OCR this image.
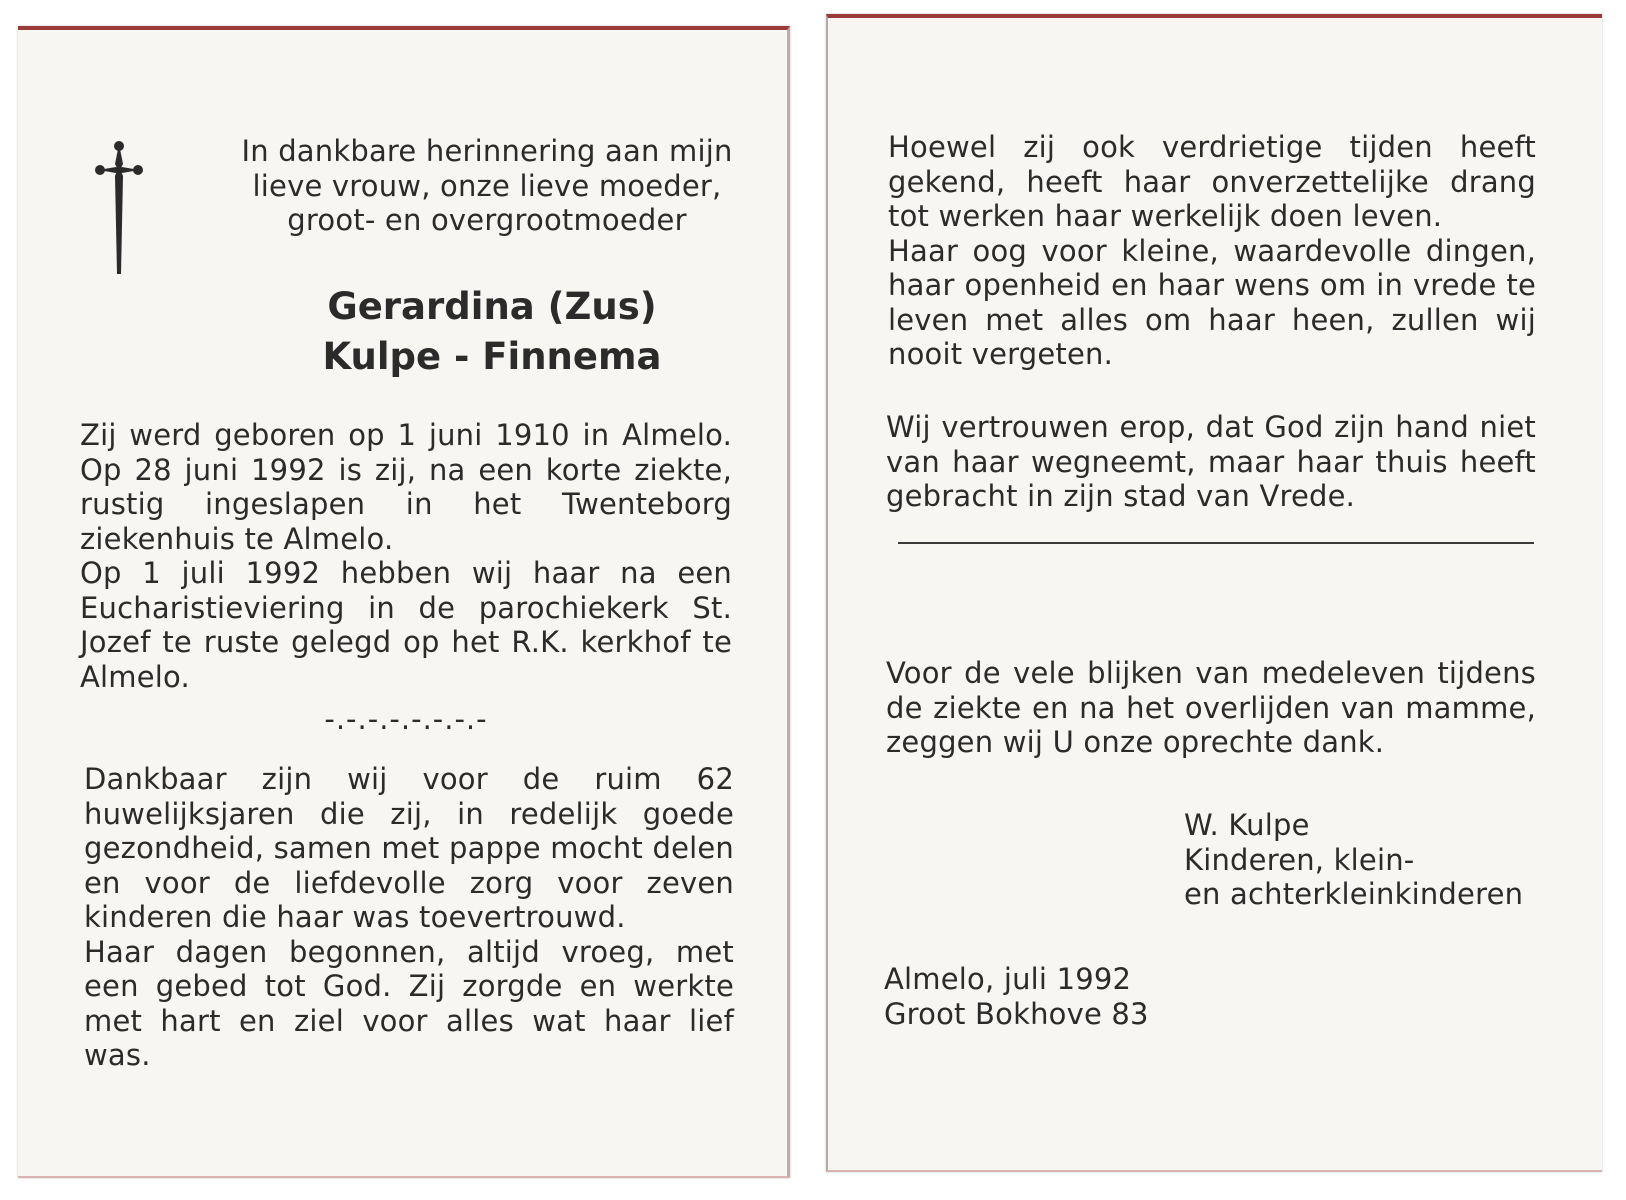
In dankbare herinnering aan mijn lieve vrouw, onze lieve moeder, groot- en overgrootmoeder
Gerardina (Zus)
Kulpe - Finnema
Zij werd geboren op 1 juni 1910 in Almelo. Op 28 juni 1992 is zij, na een korte ziekte, rustig ingeslapen in het Twenteborg ziekenhuis te Almelo.
Op 1 juli 1992 hebben wij haar na een Eucharistieviering in de parochiekerk St. Jozef te ruste gelegd op het R.K. kerkhof te Almelo.
-.-.-.-.-.-.-.-
Dankbaar zijn wij voor de ruim 62 huwelijksjaren die zij, in redelijk goede gezondheid, samen met pappe mocht delen en voor de liefdevolle zorg voor zeven kinderen die haar was toevertrouwd.
Haar dagen begonnen, altijd vroeg, met een gebed tot God. Zij zorgde en werkte met hart en ziel voor alles wat haar lief was.
Hoewel zij ook verdrietige tijden heeft gekend, heeft haar onverzettelijke drang tot werken haar werkelijk doen leven.
Haar oog voor kleine, waardevolle dingen, haar openheid en haar wens om in vrede te leven met alles om haar heen, zullen wij nooit vergeten.
Wij vertrouwen erop, dat God zijn hand niet van haar wegneemt, maar haar thuis heeft gebracht in zijn stad van Vrede.
Voor de vele blijken van medeleven tijdens de ziekte en na het overlijden van mamme, zeggen wij U onze oprechte dank.
W. Kulpe
Kinderen, klein-
en achterkleinkinderen
Almelo, juli 1992
Groot Bokhove 83
